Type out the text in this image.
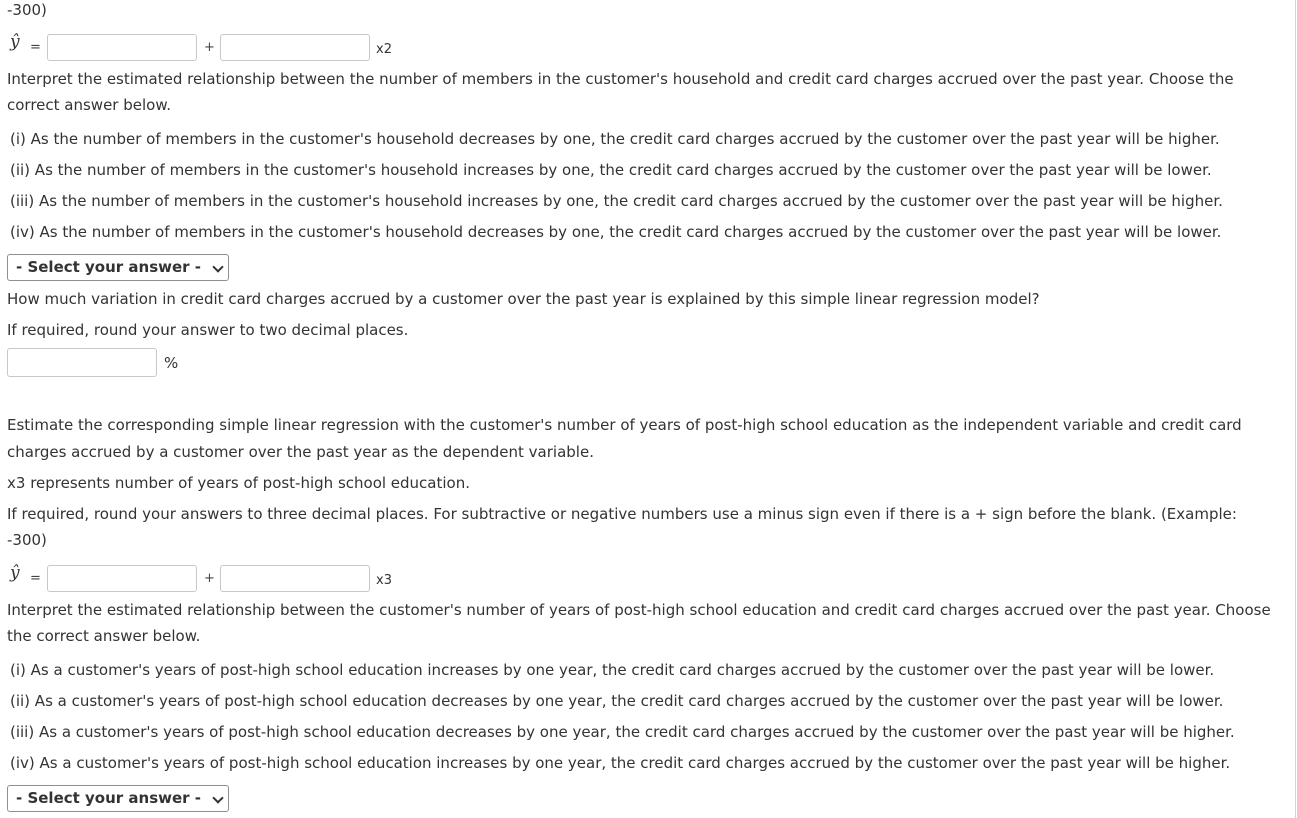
-300)
ŷ =	+	x2
Interpret the estimated relationship between the number of members in the customer's household and credit card charges accrued over the past year. Choose the
correct answer below.
(i) As the number of members in the customer's household decreases by one, the credit card charges accrued by the customer over the past year will be higher.
(ii) As the number of members in the customer's household increases by one, the credit card charges accrued by the customer over the past year will be lower.
(iii) As the number of members in the customer's household increases by one, the credit card charges accrued by the customer over the past year will be higher.
(iv) As the number of members in the customer's household decreases by one, the credit card charges accrued by the customer over the past year will be lower.
- Select your answer -
How much variation in credit card charges accrued by a customer over the past year is explained by this simple linear regression model?
If required, round your answer to two decimal places.
%
Estimate the corresponding simple linear regression with the customer's number of years of post-high school education as the independent variable and credit card
charges accrued by a customer over the past year as the dependent variable.
x3 represents number of years of post-high school education.
If required, round your answers to three decimal places. For subtractive or negative numbers use a minus sign even if there is a + sign before the blank. (Example:
-300)
ŷ =	+	x3
Interpret the estimated relationship between the customer's number of years of post-high school education and credit card charges accrued over the past year. Choose
the correct answer below.
(i) As a customer's years of post-high school education increases by one year, the credit card charges accrued by the customer over the past year will be lower.
(ii) As a customer's years of post-high school education decreases by one year, the credit card charges accrued by the customer over the past year will be lower.
(iii) As a customer's years of post-high school education decreases by one year, the credit card charges accrued by the customer over the past year will be higher.
(iv) As a customer's years of post-high school education increases by one year, the credit card charges accrued by the customer over the past year will be higher.
- Select your answer -
